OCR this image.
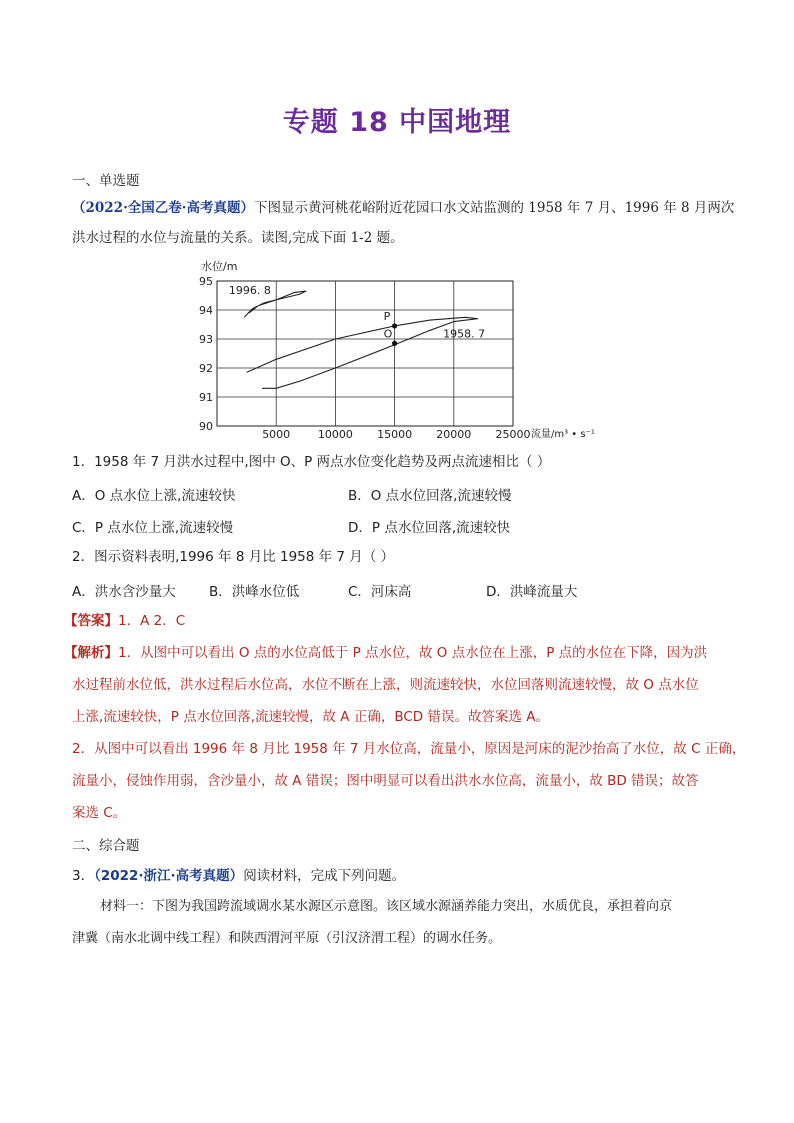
专题 18 中国地理
一、单选题
（2022·全国乙卷·高考真题）下图显示黄河桃花峪附近花园口水文站监测的 1958 年 7 月、1996 年 8 月两次
洪水过程的水位与流量的关系。读图,完成下面 1-2 题。
水位/m
90
91
92
93
94
95
5000	10000 15000 20000 25000
1996. 8
1958. 7
P
O
流量/m³ • s⁻¹
1．1958 年 7 月洪水过程中,图中 O、P 两点水位变化趋势及两点流速相比（ ）
A．O 点水位上涨,流速较快	B．O 点水位回落,流速较慢
C．P 点水位上涨,流速较慢	D．P 点水位回落,流速较快
2．图示资料表明,1996 年 8 月比 1958 年 7 月（ ）
A．洪水含沙量大 B．洪峰水位低	C．河床高	D．洪峰流量大
【答案】1．A 2．C
【解析】1．从图中可以看出 O 点的水位高低于 P 点水位，故 O 点水位在上涨，P 点的水位在下降，因为洪
水过程前水位低，洪水过程后水位高，水位不断在上涨，则流速较快，水位回落则流速较慢，故 O 点水位
上涨,流速较快，P 点水位回落,流速较慢，故 A 正确，BCD 错误。故答案选 A。
2．从图中可以看出 1996 年 8 月比 1958 年 7 月水位高，流量小，原因是河床的泥沙抬高了水位，故 C 正确，
流量小，侵蚀作用弱，含沙量小，故 A 错误；图中明显可以看出洪水水位高，流量小，故 BD 错误；故答
案选 C。
二、综合题
3．（2022·浙江·高考真题）阅读材料，完成下列问题。
材料一：下图为我国跨流域调水某水源区示意图。该区域水源涵养能力突出，水质优良，承担着向京
津冀（南水北调中线工程）和陕西渭河平原（引汉济渭工程）的调水任务。
